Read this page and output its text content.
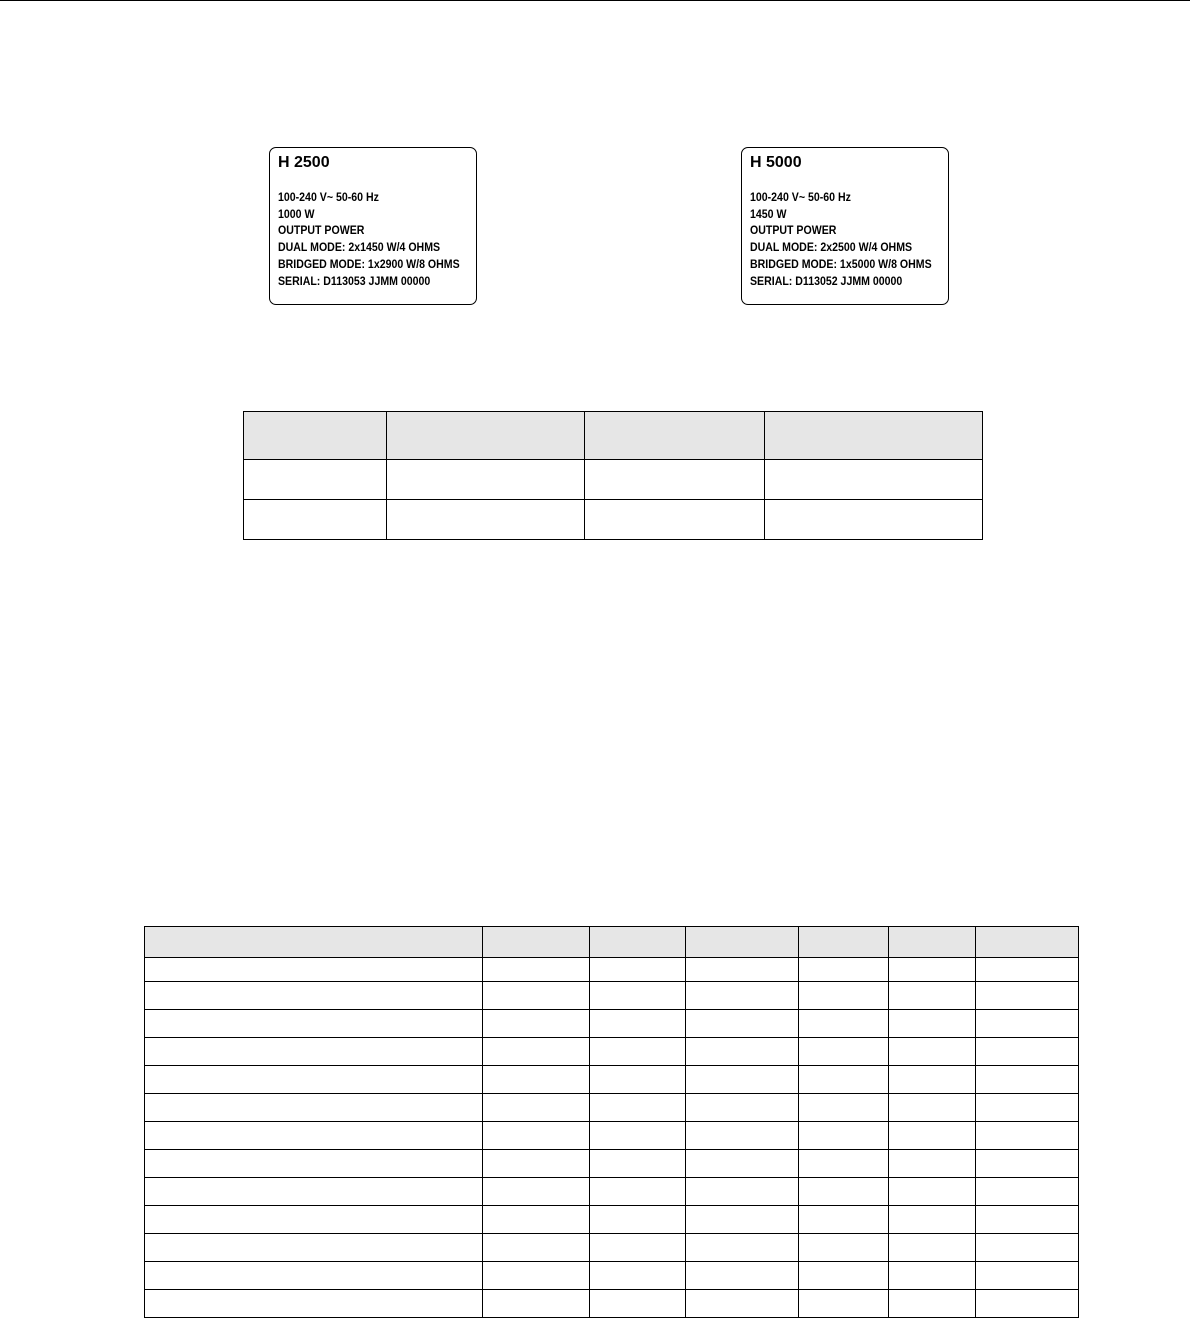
H 2500
100-240 V~ 50-60 Hz
1000 W
OUTPUT POWER
DUAL MODE: 2x1450 W/4 OHMS
BRIDGED MODE: 1x2900 W/8 OHMS
SERIAL: D113053 JJMM 00000
H 5000
100-240 V~ 50-60 Hz
1450 W
OUTPUT POWER
DUAL MODE: 2x2500 W/4 OHMS
BRIDGED MODE: 1x5000 W/8 OHMS
SERIAL: D113052 JJMM 00000
